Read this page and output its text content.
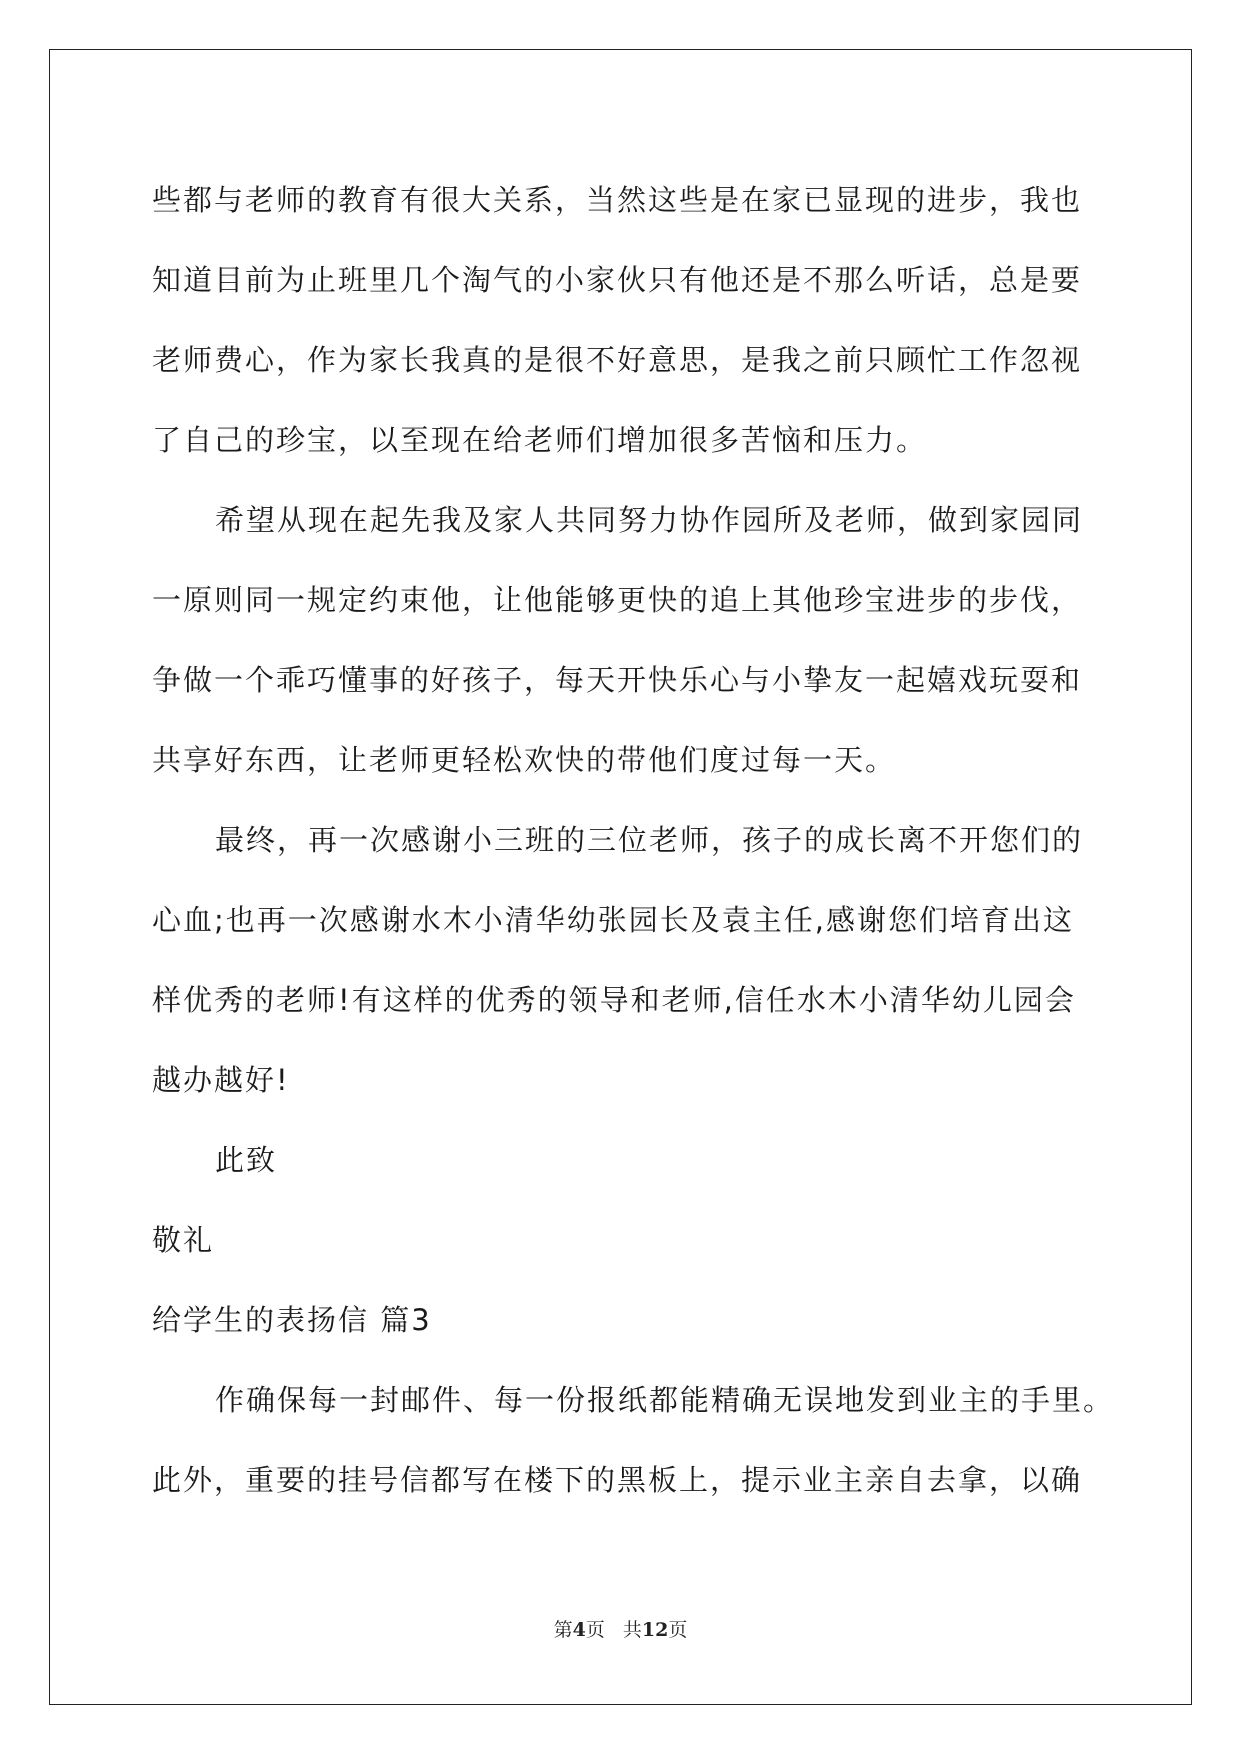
些都与老师的教育有很大关系，当然这些是在家已显现的进步，我也
知道目前为止班里几个淘气的小家伙只有他还是不那么听话，总是要
老师费心，作为家长我真的是很不好意思，是我之前只顾忙工作忽视
了自己的珍宝，以至现在给老师们增加很多苦恼和压力。
希望从现在起先我及家人共同努力协作园所及老师，做到家园同
一原则同一规定约束他，让他能够更快的追上其他珍宝进步的步伐，
争做一个乖巧懂事的好孩子，每天开快乐心与小挚友一起嬉戏玩耍和
共享好东西，让老师更轻松欢快的带他们度过每一天。
最终，再一次感谢小三班的三位老师，孩子的成长离不开您们的
心血;也再一次感谢水木小清华幼张园长及袁主任,感谢您们培育出这
样优秀的老师!有这样的优秀的领导和老师,信任水木小清华幼儿园会
越办越好!
此致
敬礼
给学生的表扬信 篇3
作确保每一封邮件、每一份报纸都能精确无误地发到业主的手里。
此外，重要的挂号信都写在楼下的黑板上，提示业主亲自去拿，以确
第4页 共12页
